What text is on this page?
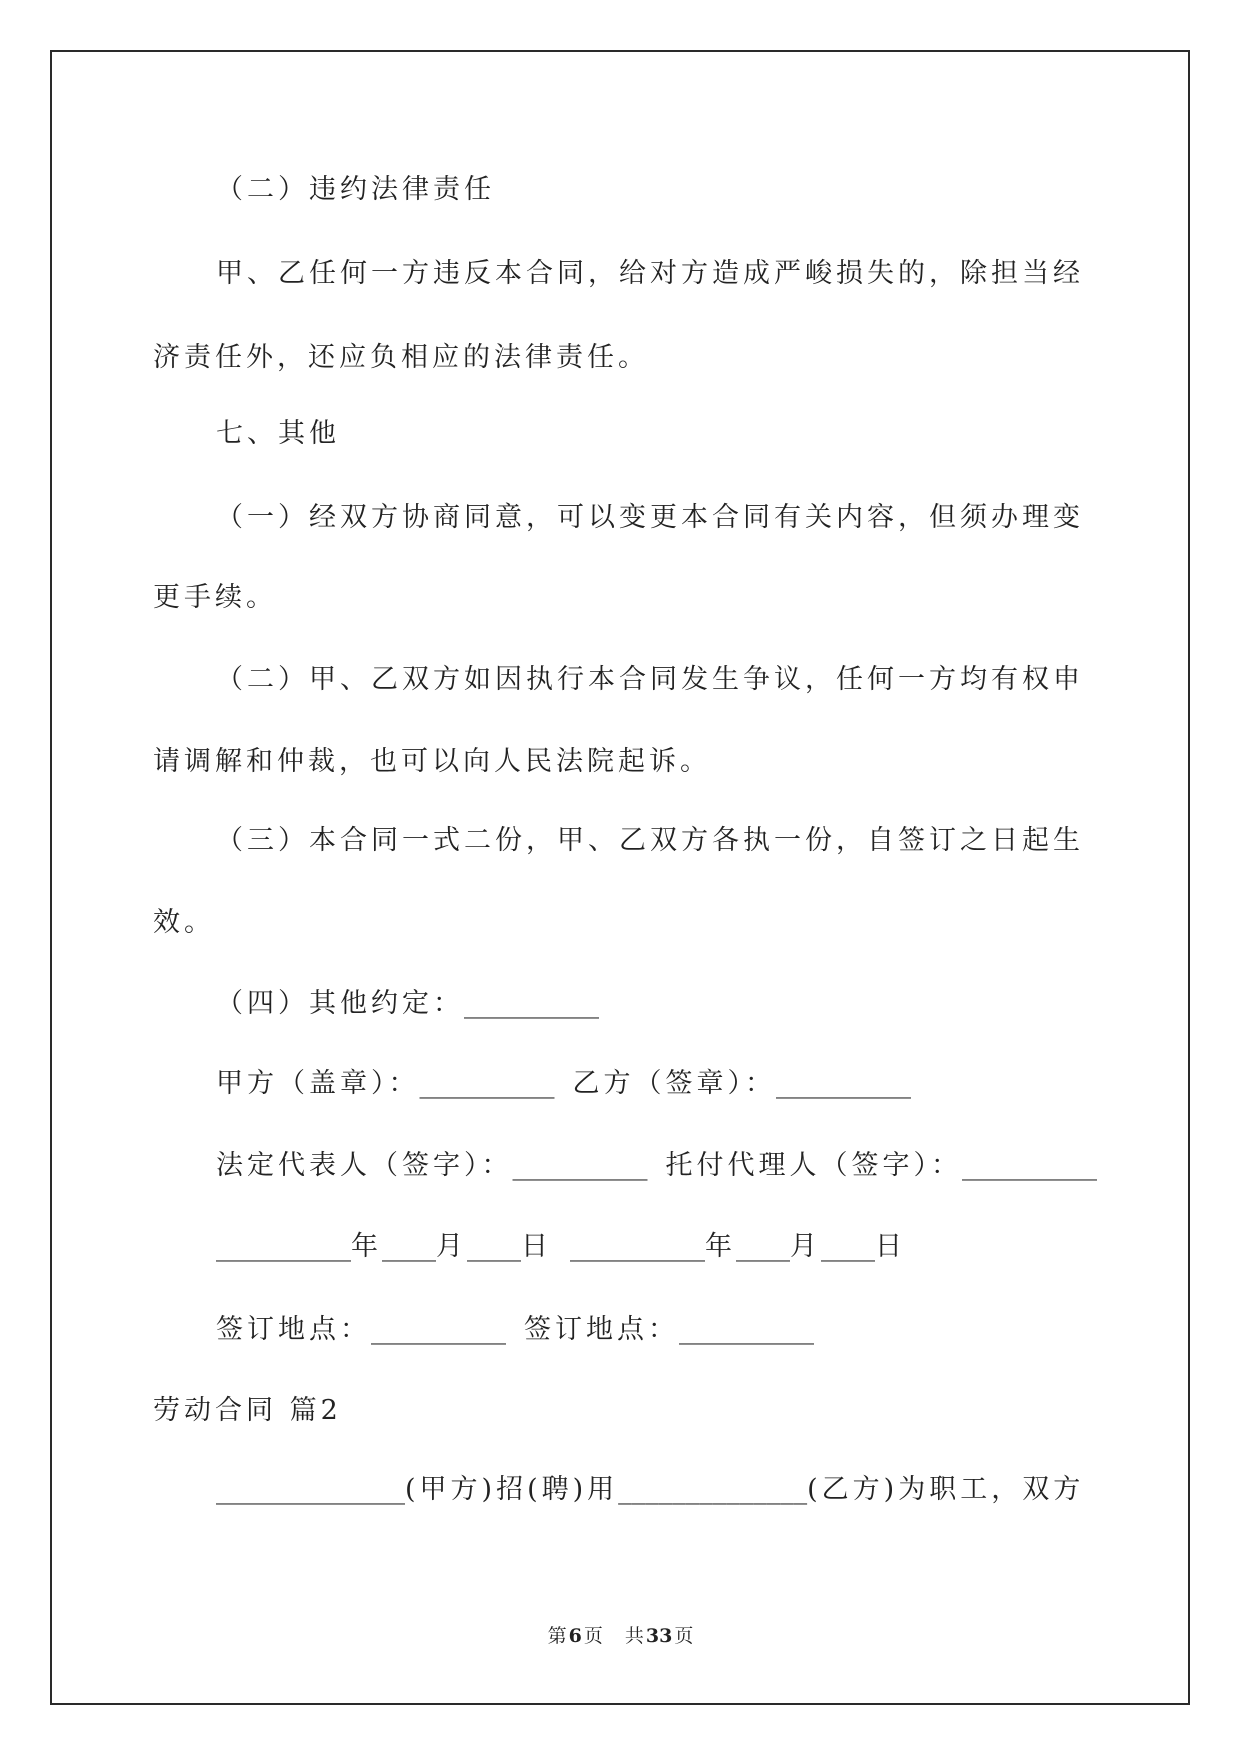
（二）违约法律责任
甲、乙任何一方违反本合同，给对方造成严峻损失的，除担当经
济责任外，还应负相应的法律责任。
七、其他
（一）经双方协商同意，可以变更本合同有关内容，但须办理变
更手续。
（二）甲、乙双方如因执行本合同发生争议，任何一方均有权申
请调解和仲裁，也可以向人民法院起诉。
（三）本合同一式二份，甲、乙双方各执一份，自签订之日起生
效。
（四）其他约定： __________
甲方（盖章）： __________ 乙方（签章）： __________
法定代表人（签字）： __________ 托付代理人（签字）： __________
__________ 年 ____ 月 ____ 日 __________ 年 ____ 月 ____ 日
签订地点： __________ 签订地点： __________
劳动合同 篇2
______________ (甲方)招(聘)用 ______________ (乙方)为职工，双方
第 6 页 共 33 页
